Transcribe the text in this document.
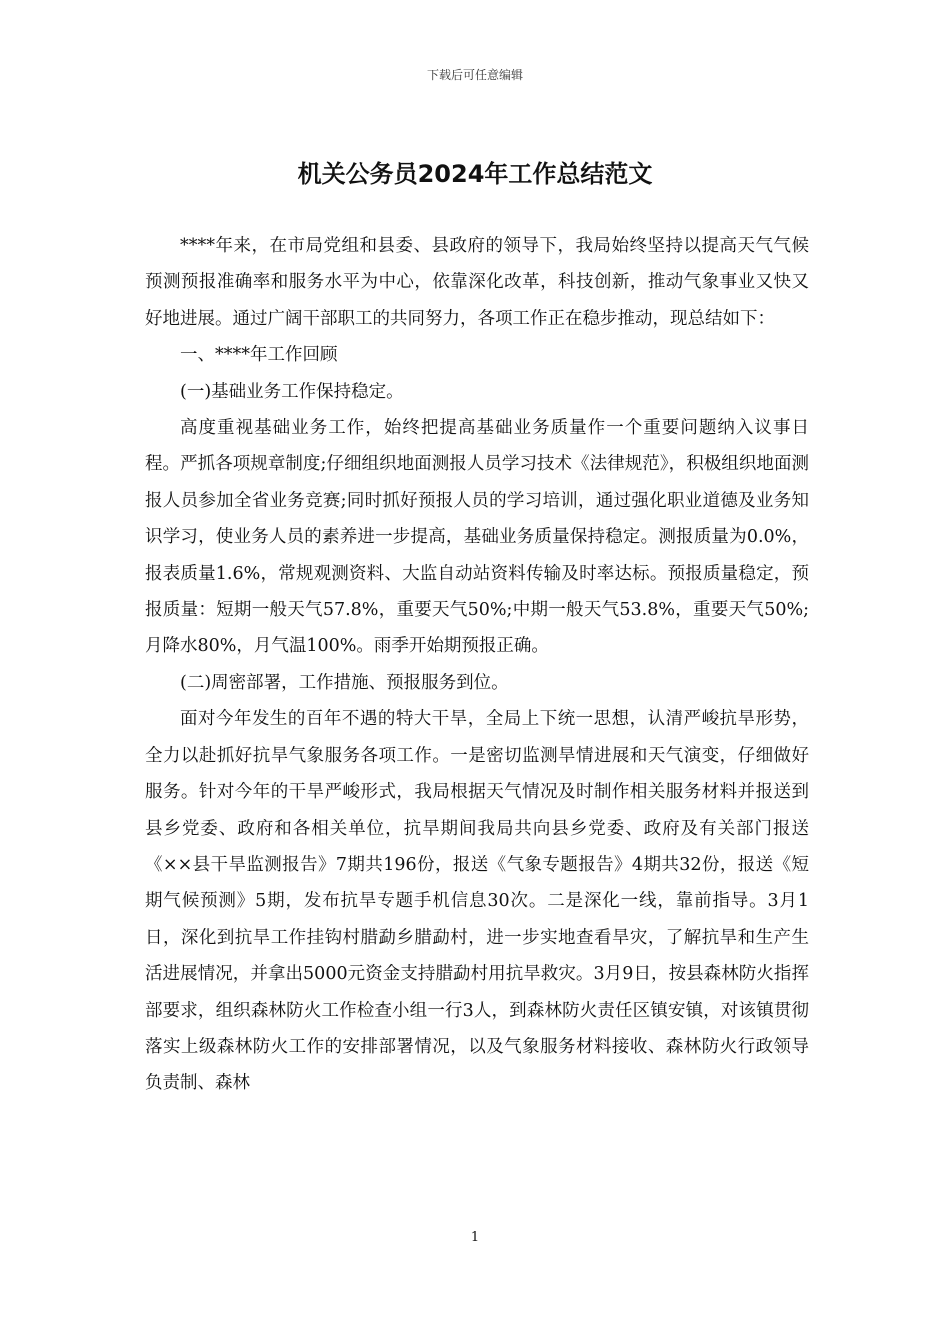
下载后可任意编辑
机关公务员2024年工作总结范文

****年来，在市局党组和县委、县政府的领导下，我局始终坚持以提高天气气候预测预报准确率和服务水平为中心，依靠深化改革，科技创新，推动气象事业又快又好地进展。通过广阔干部职工的共同努力，各项工作正在稳步推动，现总结如下：

一、****年工作回顾

(一)基础业务工作保持稳定。

高度重视基础业务工作，始终把提高基础业务质量作一个重要问题纳入议事日程。严抓各项规章制度;仔细组织地面测报人员学习技术《法律规范》，积极组织地面测报人员参加全省业务竞赛;同时抓好预报人员的学习培训，通过强化职业道德及业务知识学习，使业务人员的素养进一步提高，基础业务质量保持稳定。测报质量为0.0%，报表质量1.6%，常规观测资料、大监自动站资料传输及时率达标。预报质量稳定，预报质量：短期一般天气57.8%，重要天气50%;中期一般天气53.8%，重要天气50%;月降水80%，月气温100%。雨季开始期预报正确。

(二)周密部署，工作措施、预报服务到位。

面对今年发生的百年不遇的特大干旱，全局上下统一思想，认清严峻抗旱形势，全力以赴抓好抗旱气象服务各项工作。一是密切监测旱情进展和天气演变，仔细做好服务。针对今年的干旱严峻形式，我局根据天气情况及时制作相关服务材料并报送到县乡党委、政府和各相关单位，抗旱期间我局共向县乡党委、政府及有关部门报送《××县干旱监测报告》7期共196份，报送《气象专题报告》4期共32份，报送《短期气候预测》5期，发布抗旱专题手机信息30次。二是深化一线，靠前指导。3月1日，深化到抗旱工作挂钩村腊勐乡腊勐村，进一步实地查看旱灾，了解抗旱和生产生活进展情况，并拿出5000元资金支持腊勐村用抗旱救灾。3月9日，按县森林防火指挥部要求，组织森林防火工作检查小组一行3人，到森林防火责任区镇安镇，对该镇贯彻落实上级森林防火工作的安排部署情况，以及气象服务材料接收、森林防火行政领导负责制、森林

1
